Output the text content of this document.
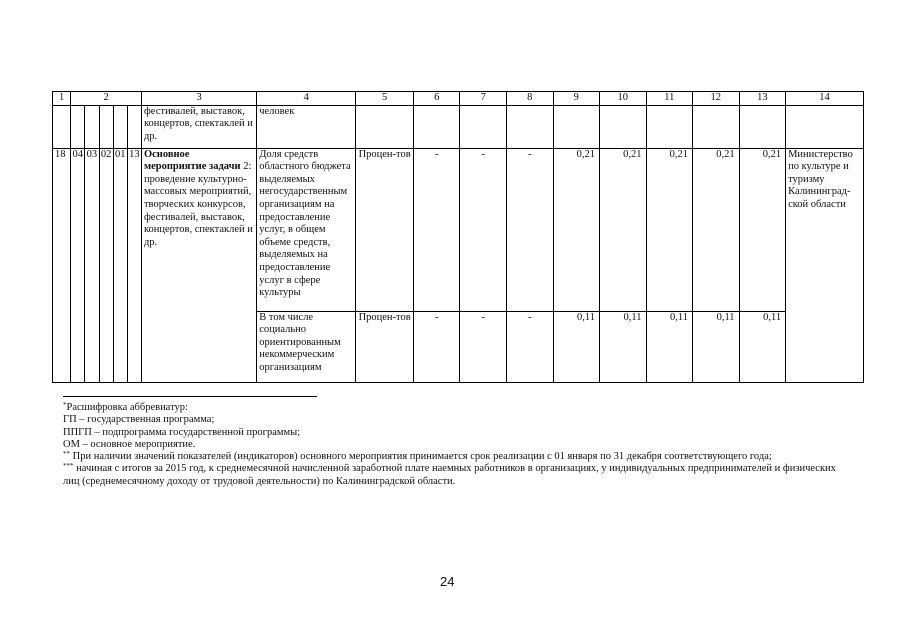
1	2					3	4	5	6	7	8	9	10	11	12	13	14
						фестивалей, выставок, концертов, спектаклей и др.	человек										
18	04	03	02	01	13	Основное мероприятие задачи 2: проведение культурно-массовых мероприятий, творческих конкурсов, фестивалей, выставок, концертов, спектаклей и др.	Доля средств областного бюджета выделяемых негосударственным организациям на предоставление услуг, в общем объеме средств, выделяемых на предоставление услуг в сфере культуры	Процен-тов	-	-	-	0,21	0,21	0,21	0,21	0,21	Министерство по культуре и туризму Калининград-ской области
							В том числе социально ориентированным некоммерческим организациям	Процен-тов	-	-	-	0,11	0,11	0,11	0,11	0,11	
*Расшифровка аббревиатур:
ГП – государственная программа;
ППГП – подпрограмма государственной программы;
ОМ – основное мероприятие.
** При наличии значений показателей (индикаторов) основного мероприятия принимается срок реализации с 01 января по 31 декабря соответствующего года;
*** начиная с итогов за 2015 год, к среднемесячной начисленной заработной плате наемных работников в организациях, у индивидуальных предпринимателей и физических лиц (среднемесячному доходу от трудовой деятельности) по Калининградской области.
24
